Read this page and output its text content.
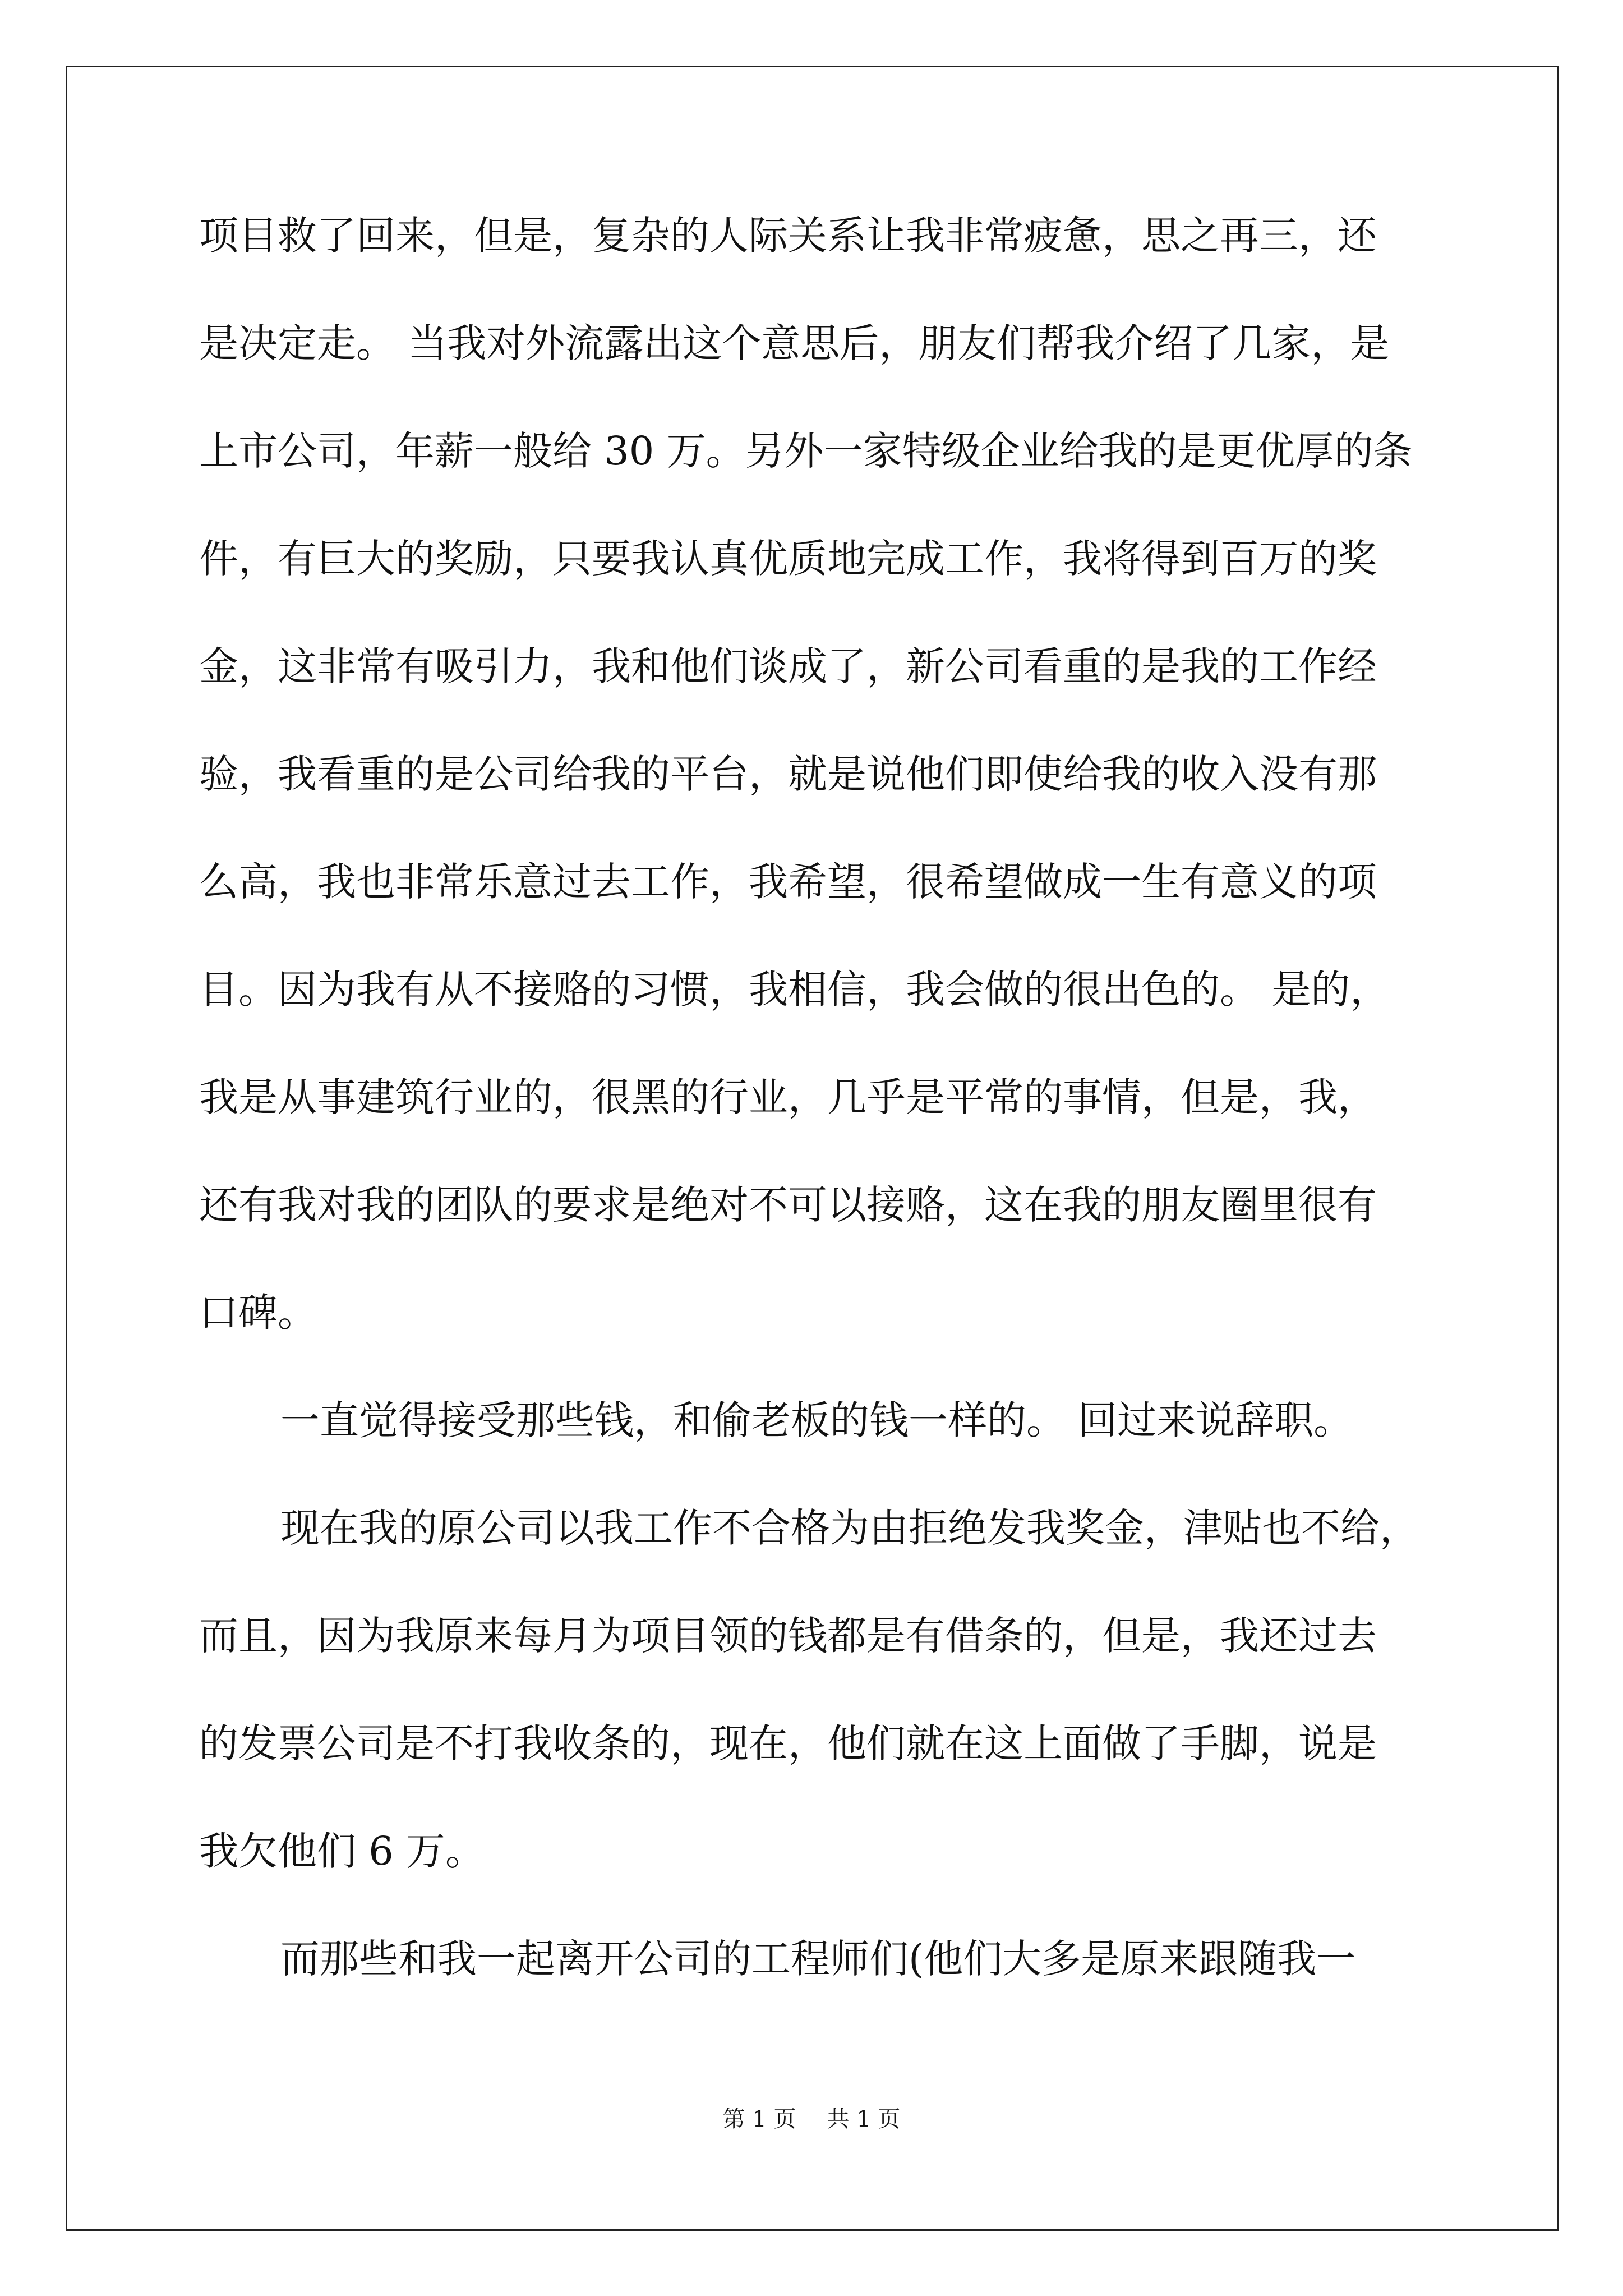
项目救了回来，但是，复杂的人际关系让我非常疲惫，思之再三，还
是决定走。 当我对外流露出这个意思后，朋友们帮我介绍了几家，是
上市公司，年薪一般给 30 万。另外一家特级企业给我的是更优厚的条
件，有巨大的奖励，只要我认真优质地完成工作，我将得到百万的奖
金，这非常有吸引力，我和他们谈成了，新公司看重的是我的工作经
验，我看重的是公司给我的平台，就是说他们即使给我的收入没有那
么高，我也非常乐意过去工作，我希望，很希望做成一生有意义的项
目。因为我有从不接赂的习惯，我相信，我会做的很出色的。 是的，
我是从事建筑行业的，很黑的行业，几乎是平常的事情，但是，我，
还有我对我的团队的要求是绝对不可以接赂，这在我的朋友圈里很有
口碑。
一直觉得接受那些钱，和偷老板的钱一样的。 回过来说辞职。
现在我的原公司以我工作不合格为由拒绝发我奖金，津贴也不给，
而且，因为我原来每月为项目领的钱都是有借条的，但是，我还过去
的发票公司是不打我收条的，现在，他们就在这上面做了手脚，说是
我欠他们 6 万。
而那些和我一起离开公司的工程师们(他们大多是原来跟随我一
第 1 页 共 1 页
